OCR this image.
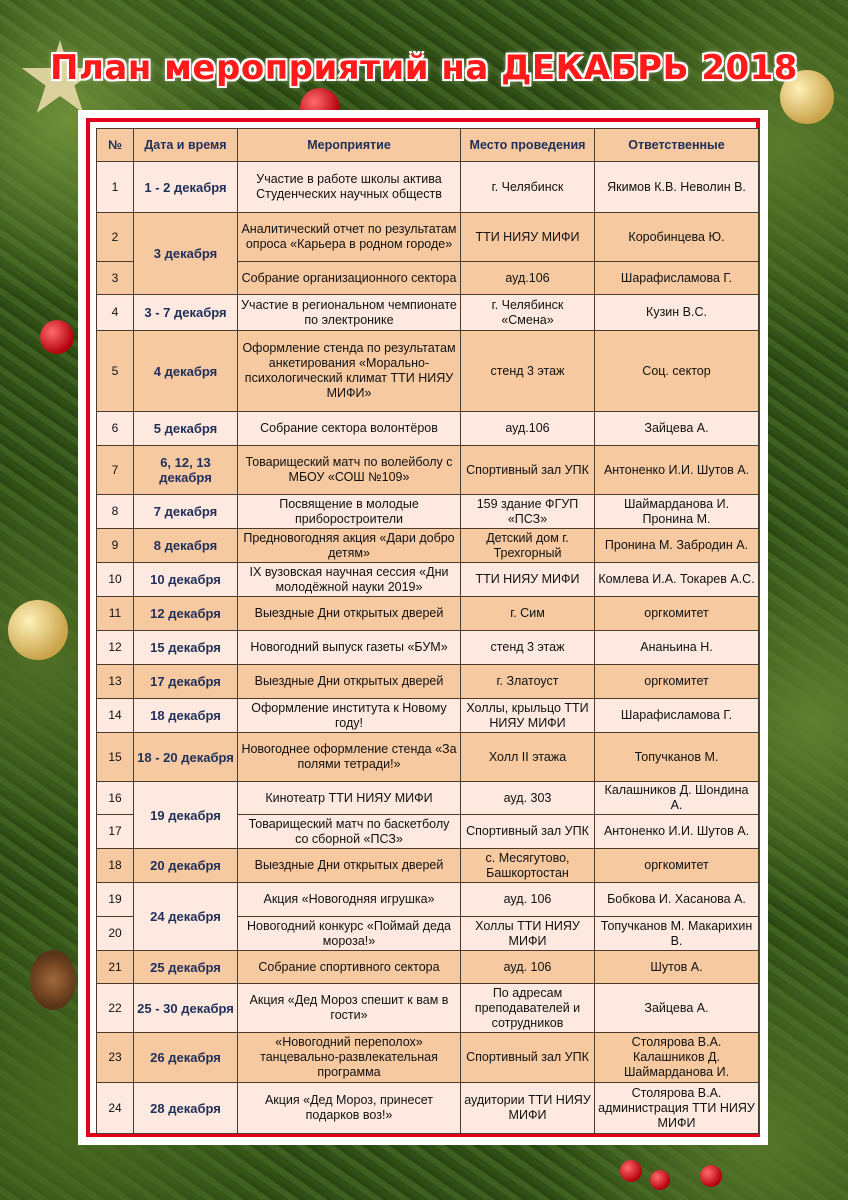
План мероприятий на ДЕКАБРЬ 2018
№	Дата и время	Мероприятие	Место проведения	Ответственные
1	1 - 2 декабря	Участие в работе школы актива Студенческих научных обществ	г. Челябинск	Якимов К.В. Неволин В.
2	3 декабря	Аналитический отчет по результатам опроса «Карьера в родном городе»	ТТИ НИЯУ МИФИ	Коробинцева Ю.
3		Собрание организационного сектора	ауд.106	Шарафисламова Г.
4	3 - 7 декабря	Участие в региональном чемпионате по электронике	г. Челябинск «Смена»	Кузин В.С.
5	4 декабря	Оформление стенда по результатам анкетирования «Морально-психологический климат ТТИ НИЯУ МИФИ»	стенд 3 этаж	Соц. сектор
6	5 декабря	Собрание сектора волонтёров	ауд.106	Зайцева А.
7	6, 12, 13 декабря	Товарищеский матч по волейболу с МБОУ «СОШ №109»	Спортивный зал УПК	Антоненко И.И. Шутов А.
8	7 декабря	Посвящение в молодые приборостроители	159 здание ФГУП «ПСЗ»	Шаймарданова И. Пронина М.
9	8 декабря	Предновогодняя акция «Дари добро детям»	Детский дом г. Трехгорный	Пронина М. Забродин А.
10	10 декабря	IX вузовская научная сессия «Дни молодёжной науки 2019»	ТТИ НИЯУ МИФИ	Комлева И.А. Токарев А.С.
11	12 декабря	Выездные Дни открытых дверей	г. Сим	оргкомитет
12	15 декабря	Новогодний выпуск газеты «БУМ»	стенд 3 этаж	Ананьина Н.
13	17 декабря	Выездные Дни открытых дверей	г. Златоуст	оргкомитет
14	18 декабря	Оформление института к Новому году!	Холлы, крыльцо ТТИ НИЯУ МИФИ	Шарафисламова Г.
15	18 - 20 декабря	Новогоднее оформление стенда «За полями тетради!»	Холл II этажа	Топучканов М.
16	19 декабря	Кинотеатр ТТИ НИЯУ МИФИ	ауд. 303	Калашников Д. Шондина А.
17		Товарищеский матч по баскетболу со сборной «ПСЗ»	Спортивный зал УПК	Антоненко И.И. Шутов А.
18	20 декабря	Выездные Дни открытых дверей	с. Месягутово, Башкортостан	оргкомитет
19	24 декабря	Акция «Новогодняя игрушка»	ауд. 106	Бобкова И. Хасанова А.
20		Новогодний конкурс «Поймай деда мороза!»	Холлы ТТИ НИЯУ МИФИ	Топучканов М. Макарихин В.
21	25 декабря	Собрание спортивного сектора	ауд. 106	Шутов А.
22	25 - 30 декабря	Акция «Дед Мороз спешит к вам в гости»	По адресам преподавателей и сотрудников	Зайцева А.
23	26 декабря	«Новогодний переполох» танцевально-развлекательная программа	Спортивный зал УПК	Столярова В.А. Калашников Д. Шаймарданова И.
24	28 декабря	Акция «Дед Мороз, принесет подарков воз!»	аудитории ТТИ НИЯУ МИФИ	Столярова В.А. администрация ТТИ НИЯУ МИФИ
